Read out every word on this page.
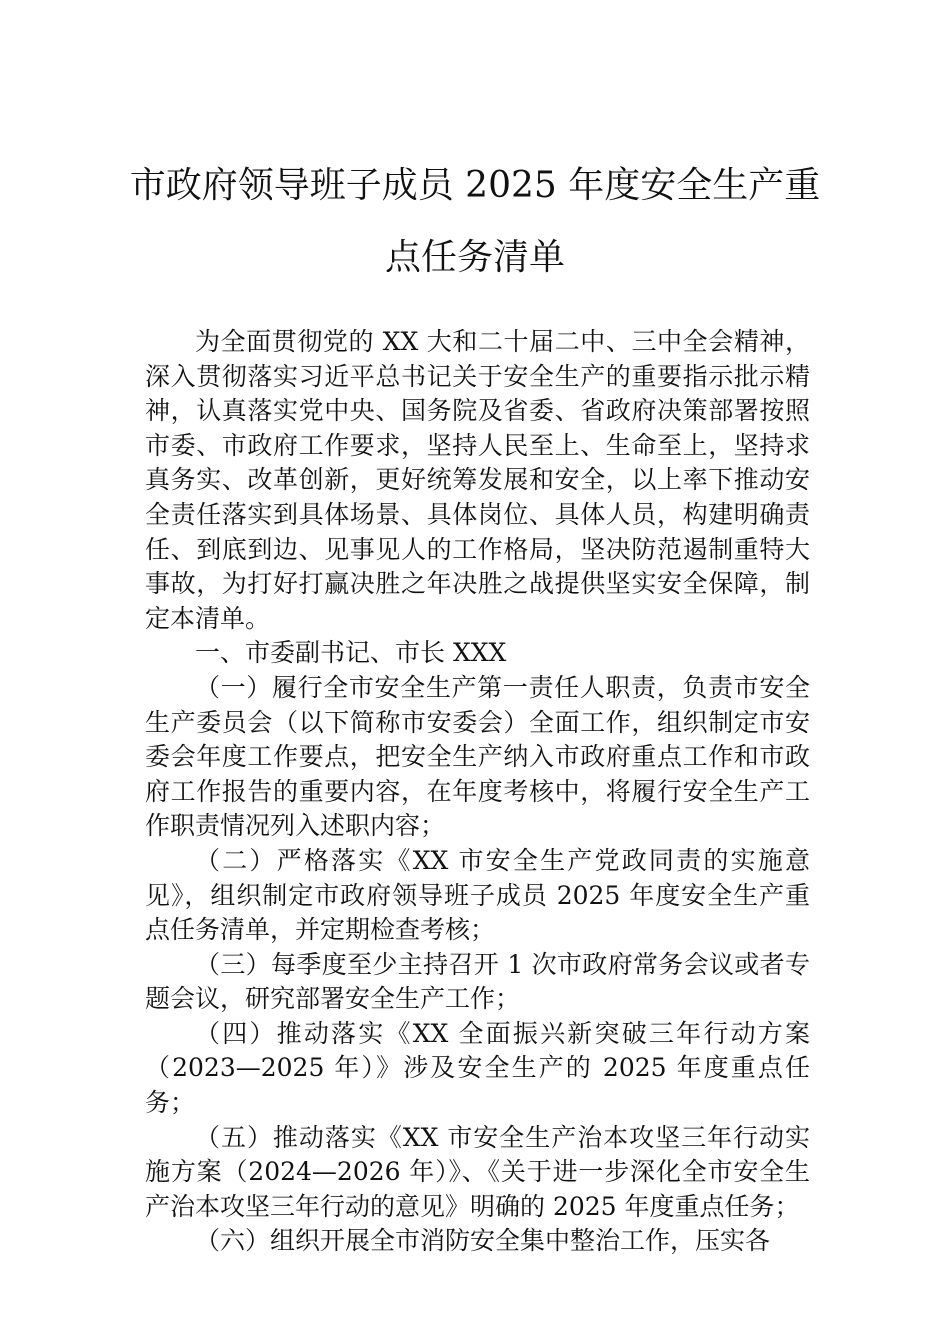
市政府领导班子成员 2025 年度安全生产重
点任务清单

为全面贯彻党的 XX 大和二十届二中、三中全会精神，深入贯彻落实习近平总书记关于安全生产的重要指示批示精神，认真落实党中央、国务院及省委、省政府决策部署按照市委、市政府工作要求，坚持人民至上、生命至上，坚持求真务实、改革创新，更好统筹发展和安全，以上率下推动安全责任落实到具体场景、具体岗位、具体人员，构建明确责任、到底到边、见事见人的工作格局，坚决防范遏制重特大事故，为打好打赢决胜之年决胜之战提供坚实安全保障，制定本清单。

一、市委副书记、市长 XXX

（一）履行全市安全生产第一责任人职责，负责市安全生产委员会（以下简称市安委会）全面工作，组织制定市安委会年度工作要点，把安全生产纳入市政府重点工作和市政府工作报告的重要内容，在年度考核中，将履行安全生产工作职责情况列入述职内容；

（二）严格落实《XX 市安全生产党政同责的实施意见》，组织制定市政府领导班子成员 2025 年度安全生产重点任务清单，并定期检查考核；

（三）每季度至少主持召开 1 次市政府常务会议或者专题会议，研究部署安全生产工作；

（四）推动落实《XX 全面振兴新突破三年行动方案（2023—2025 年）》涉及安全生产的 2025 年度重点任务；

（五）推动落实《XX 市安全生产治本攻坚三年行动实施方案（2024—2026 年）》、《关于进一步深化全市安全生产治本攻坚三年行动的意见》明确的 2025 年度重点任务；

（六）组织开展全市消防安全集中整治工作，压实各
